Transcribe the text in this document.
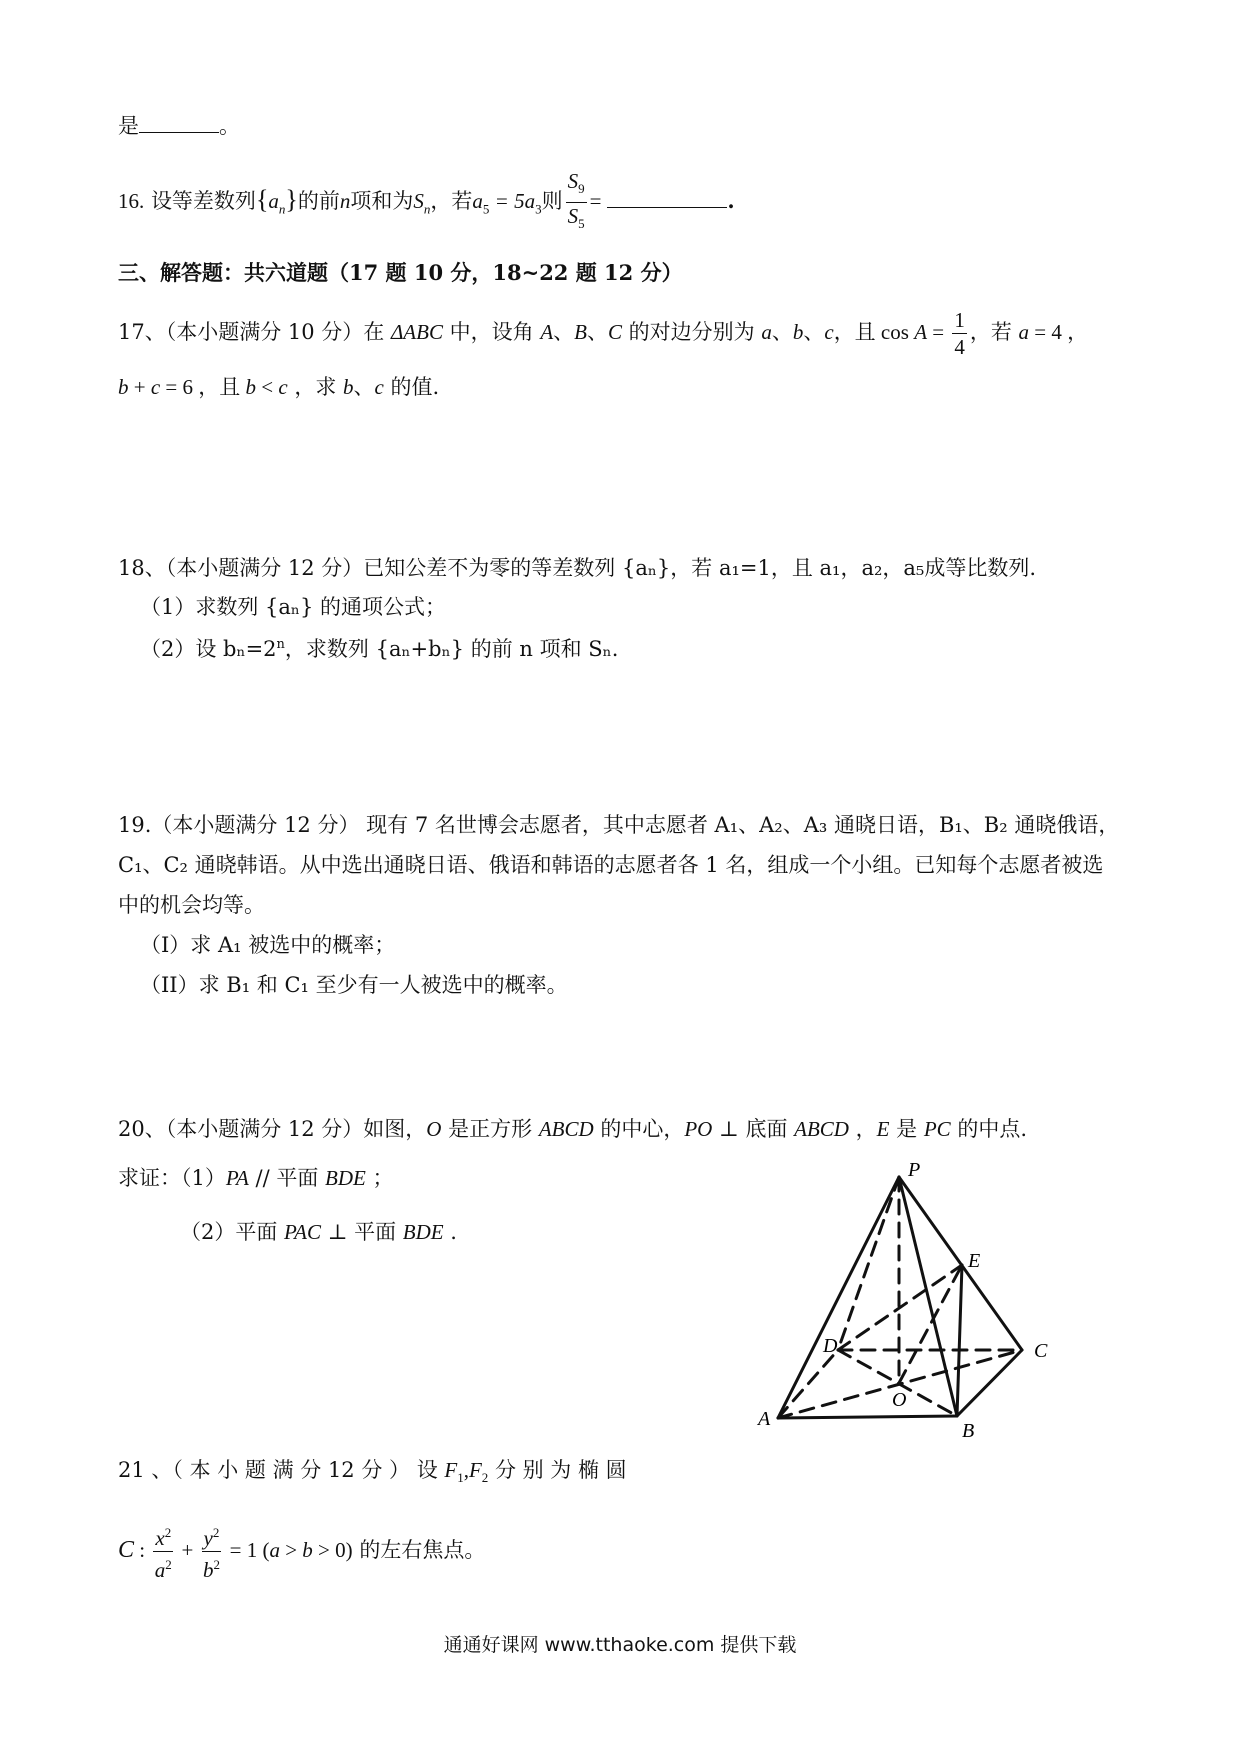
是	。
16. 设等差数列$\{a_n\}$的前n项和为$S_n$，若$a_5 = 5a_3$则 $\frac{S_9}{S_5}$ =	.
三、解答题：共六道题（17 题 10 分，18~22 题 12 分）
17、（本小题满分 10 分）在 ΔABC 中，设角 A、B、C 的对边分别为 a、b、c，且 $\cos A = \frac{1}{4}$ ，若 a = 4 ，
b + c = 6 ，且 b < c ，求 b、c 的值.
18、（本小题满分 12 分）已知公差不为零的等差数列 {aₙ}，若 a₁=1，且 a₁，a₂，a₅成等比数列.
（1）求数列 {aₙ} 的通项公式；
（2）设 $b_n=2^n$，求数列 {aₙ+bₙ} 的前 n 项和 Sₙ.
19.（本小题满分 12 分） 现有 7 名世博会志愿者，其中志愿者 A₁、A₂、A₃ 通晓日语，B₁、B₂ 通晓俄语，
C₁、C₂ 通晓韩语。从中选出通晓日语、俄语和韩语的志愿者各 1 名，组成一个小组。已知每个志愿者被选
中的机会均等。
（I）求 A₁ 被选中的概率；
（II）求 B₁ 和 C₁ 至少有一人被选中的概率。
20、（本小题满分 12 分）如图，O 是正方形 ABCD 的中心，PO ⊥ 底面 ABCD ，E 是 PC 的中点.
求证：（1）PA // 平面 BDE ；
（2）平面 PAC ⊥ 平面 BDE .
P
E
D	C
O
A
B
21 、（ 本 小 题 满 分 12 分 ） 设 $F_1,F_2$ 分 别 为 椭 圆
C : $\frac{x^2}{a^2} + \frac{y^2}{b^2} = 1$ (a > b > 0) 的左右焦点。
通通好课网 www.tthaoke.com 提供下载
